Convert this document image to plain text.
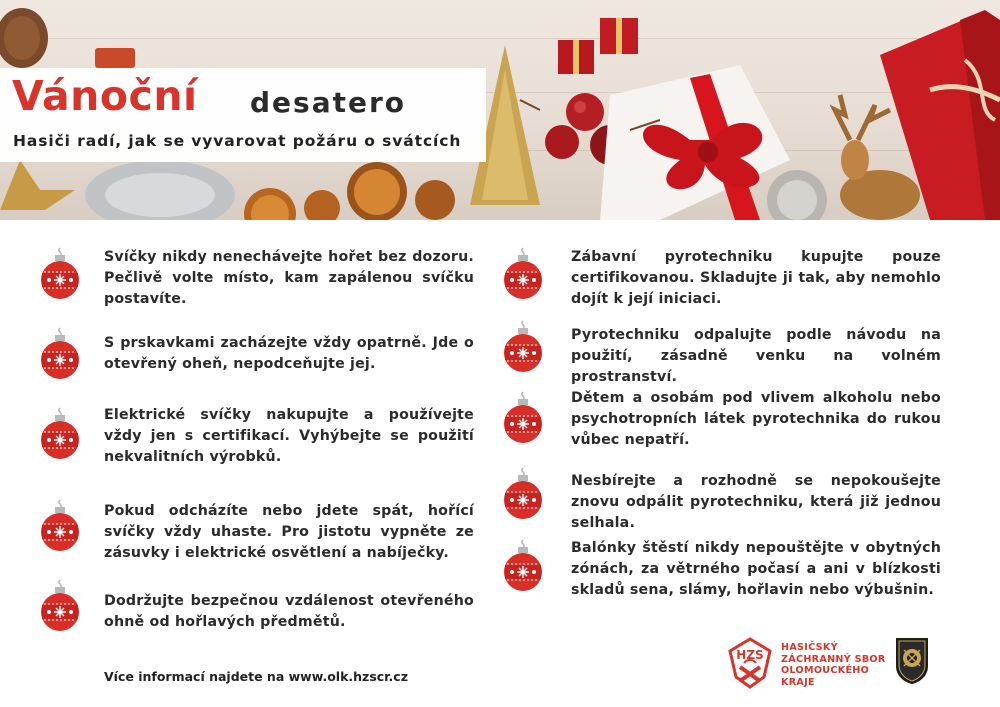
Vánoční desatero
Hasiči radí, jak se vyvarovat požáru o svátcích
Svíčky nikdy nenechávejte hořet bez dozoru. Pečlivě volte místo, kam zapálenou svíčku postavíte.
S prskavkami zacházejte vždy opatrně. Jde o otevřený oheň, nepodceňujte jej.
Elektrické svíčky nakupujte a používejte vždy jen s certifikací. Vyhýbejte se použití nekvalitních výrobků.
Pokud odcházíte nebo jdete spát, hořící svíčky vždy uhaste. Pro jistotu vypněte ze zásuvky i elektrické osvětlení a nabíječky.
Dodržujte bezpečnou vzdálenost otevřeného ohně od hořlavých předmětů.
Zábavní pyrotechniku kupujte pouze certifikovanou. Skladujte ji tak, aby nemohlo dojít k její iniciaci.
Pyrotechniku odpalujte podle návodu na použití, zásadně venku na volném prostranství.
Dětem a osobám pod vlivem alkoholu nebo psychotropních látek pyrotechnika do rukou vůbec nepatří.
Nesbírejte a rozhodně se nepokoušejte znovu odpálit pyrotechniku, která již jednou selhala.
Balónky štěstí nikdy nepouštějte v obytných zónách, za větrného počasí a ani v blízkosti skladů sena, slámy, hořlavin nebo výbušnin.
Více informací najdete na www.olk.hzscr.cz
HZS
HASIČSKÝ
ZÁCHRANNÝ SBOR
OLOMOUCKÉHO
KRAJE
